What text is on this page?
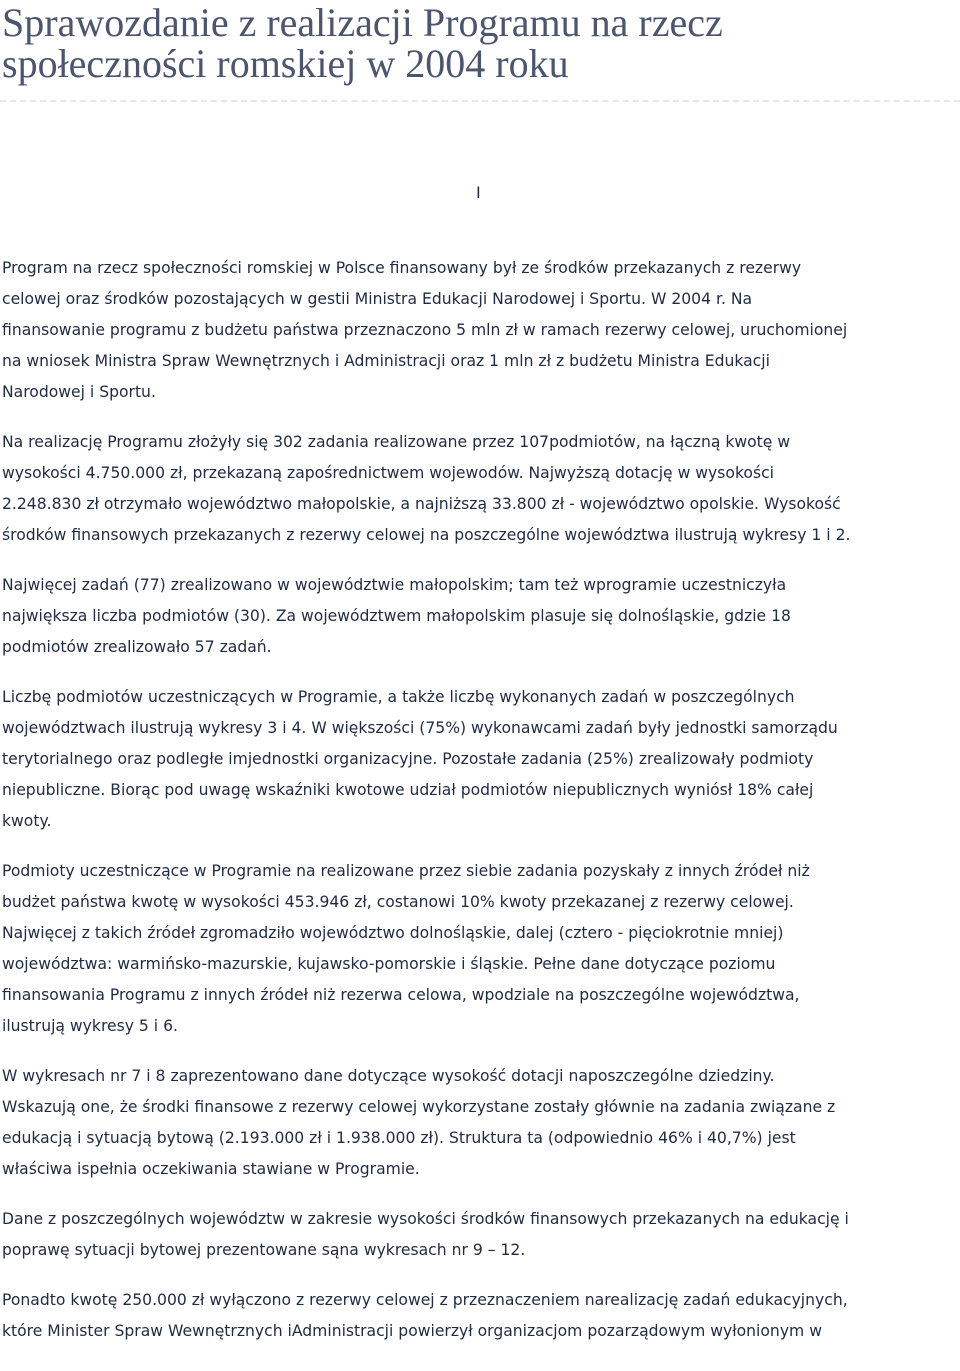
Sprawozdanie z realizacji Programu na rzecz
społeczności romskiej w 2004 roku
I

Program na rzecz społeczności romskiej w Polsce finansowany był ze środków przekazanych z rezerwy
celowej oraz środków pozostających w gestii Ministra Edukacji Narodowej i Sportu. W 2004 r. Na
finansowanie programu z budżetu państwa przeznaczono 5 mln zł w ramach rezerwy celowej, uruchomionej
na wniosek Ministra Spraw Wewnętrznych i Administracji oraz 1 mln zł z budżetu Ministra Edukacji
Narodowej i Sportu.

Na realizację Programu złożyły się 302 zadania realizowane przez 107podmiotów, na łączną kwotę w
wysokości 4.750.000 zł, przekazaną zapośrednictwem wojewodów. Najwyższą dotację w wysokości
2.248.830 zł otrzymało województwo małopolskie, a najniższą 33.800 zł - województwo opolskie. Wysokość
środków finansowych przekazanych z rezerwy celowej na poszczególne województwa ilustrują wykresy 1 i 2.

Najwięcej zadań (77) zrealizowano w województwie małopolskim; tam też wprogramie uczestniczyła
największa liczba podmiotów (30). Za województwem małopolskim plasuje się dolnośląskie, gdzie 18
podmiotów zrealizowało 57 zadań.

Liczbę podmiotów uczestniczących w Programie, a także liczbę wykonanych zadań w poszczególnych
województwach ilustrują wykresy 3 i 4. W większości (75%) wykonawcami zadań były jednostki samorządu
terytorialnego oraz podległe imjednostki organizacyjne. Pozostałe zadania (25%) zrealizowały podmioty
niepubliczne. Biorąc pod uwagę wskaźniki kwotowe udział podmiotów niepublicznych wyniósł 18% całej
kwoty.

Podmioty uczestniczące w Programie na realizowane przez siebie zadania pozyskały z innych źródeł niż
budżet państwa kwotę w wysokości 453.946 zł, costanowi 10% kwoty przekazanej z rezerwy celowej.
Najwięcej z takich źródeł zgromadziło województwo dolnośląskie, dalej (cztero - pięciokrotnie mniej)
województwa: warmińsko-mazurskie, kujawsko-pomorskie i śląskie. Pełne dane dotyczące poziomu
finansowania Programu z innych źródeł niż rezerwa celowa, wpodziale na poszczególne województwa,
ilustrują wykresy 5 i 6.

W wykresach nr 7 i 8 zaprezentowano dane dotyczące wysokość dotacji naposzczególne dziedziny.
Wskazują one, że środki finansowe z rezerwy celowej wykorzystane zostały głównie na zadania związane z
edukacją i sytuacją bytową (2.193.000 zł i 1.938.000 zł). Struktura ta (odpowiednio 46% i 40,7%) jest
właściwa ispełnia oczekiwania stawiane w Programie.

Dane z poszczególnych województw w zakresie wysokości środków finansowych przekazanych na edukację i
poprawę sytuacji bytowej prezentowane sąna wykresach nr 9 – 12.

Ponadto kwotę 250.000 zł wyłączono z rezerwy celowej z przeznaczeniem narealizację zadań edukacyjnych,
które Minister Spraw Wewnętrznych iAdministracji powierzył organizacjom pozarządowym wyłonionym w
